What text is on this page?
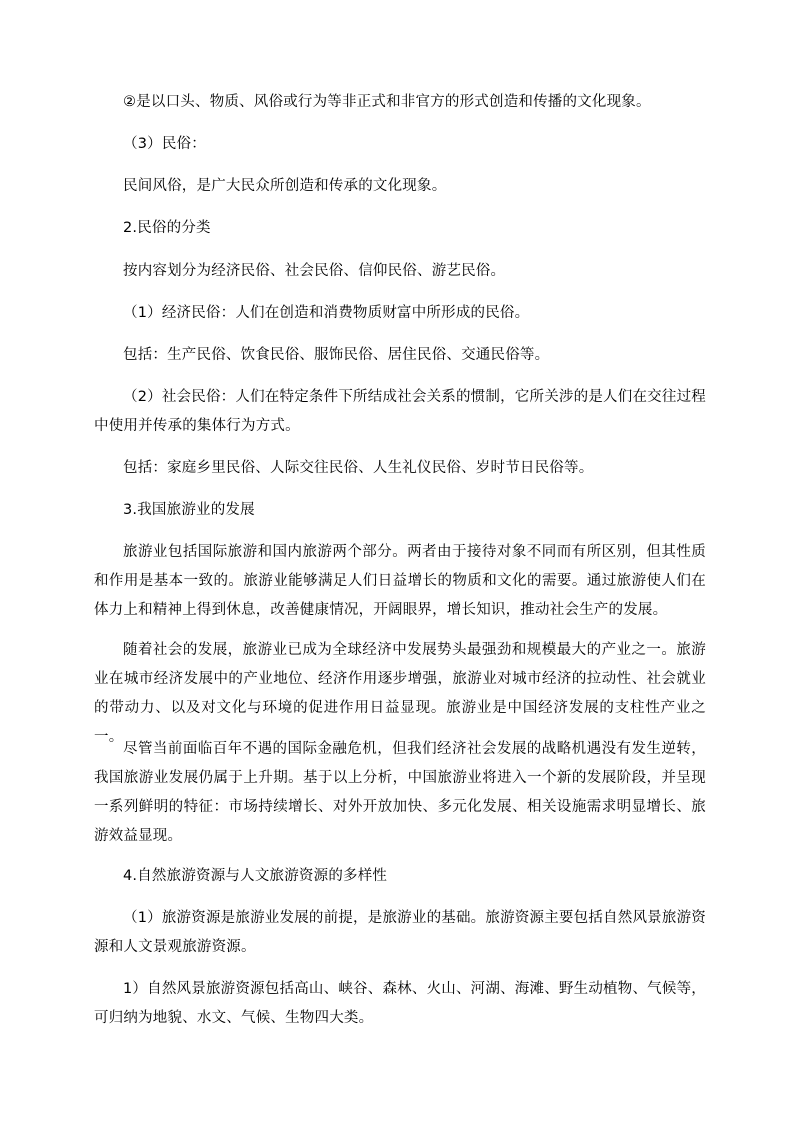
②是以口头、物质、风俗或行为等非正式和非官方的形式创造和传播的文化现象。

（3）民俗：

民间风俗，是广大民众所创造和传承的文化现象。

2.民俗的分类

按内容划分为经济民俗、社会民俗、信仰民俗、游艺民俗。

（1）经济民俗：人们在创造和消费物质财富中所形成的民俗。

包括：生产民俗、饮食民俗、服饰民俗、居住民俗、交通民俗等。

（2）社会民俗：人们在特定条件下所结成社会关系的惯制，它所关涉的是人们在交往过程中使用并传承的集体行为方式。

包括：家庭乡里民俗、人际交往民俗、人生礼仪民俗、岁时节日民俗等。

3.我国旅游业的发展

旅游业包括国际旅游和国内旅游两个部分。两者由于接待对象不同而有所区别，但其性质和作用是基本一致的。旅游业能够满足人们日益增长的物质和文化的需要。通过旅游使人们在体力上和精神上得到休息，改善健康情况，开阔眼界，增长知识，推动社会生产的发展。

随着社会的发展，旅游业已成为全球经济中发展势头最强劲和规模最大的产业之一。旅游业在城市经济发展中的产业地位、经济作用逐步增强，旅游业对城市经济的拉动性、社会就业的带动力、以及对文化与环境的促进作用日益显现。旅游业是中国经济发展的支柱性产业之一。

尽管当前面临百年不遇的国际金融危机，但我们经济社会发展的战略机遇没有发生逆转，我国旅游业发展仍属于上升期。基于以上分析，中国旅游业将进入一个新的发展阶段，并呈现一系列鲜明的特征：市场持续增长、对外开放加快、多元化发展、相关设施需求明显增长、旅游效益显现。

4.自然旅游资源与人文旅游资源的多样性

（1）旅游资源是旅游业发展的前提，是旅游业的基础。旅游资源主要包括自然风景旅游资源和人文景观旅游资源。

1）自然风景旅游资源包括高山、峡谷、森林、火山、河湖、海滩、野生动植物、气候等，可归纳为地貌、水文、气候、生物四大类。
